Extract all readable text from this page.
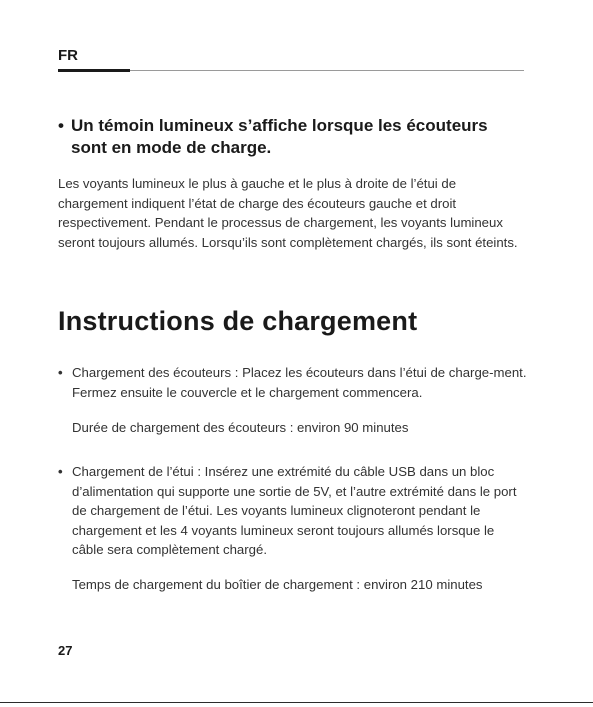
FR
• Un témoin lumineux s’affiche lorsque les écouteurs sont en mode de charge.
Les voyants lumineux le plus à gauche et le plus à droite de l’étui de chargement indiquent l’état de charge des écouteurs gauche et droit respectivement. Pendant le processus de chargement, les voyants lumineux seront toujours allumés. Lorsqu’ils sont complètement chargés, ils sont éteints.
Instructions de chargement
• Chargement des écouteurs : Placez les écouteurs dans l’étui de charge-ment. Fermez ensuite le couvercle et le chargement commencera.
Durée de chargement des écouteurs : environ 90 minutes
• Chargement de l’étui : Insérez une extrémité du câble USB dans un bloc d’alimentation qui supporte une sortie de 5V, et l’autre extrémité dans le port de chargement de l’étui. Les voyants lumineux clignoteront pendant le chargement et les 4 voyants lumineux seront toujours allumés lorsque le câble sera complètement chargé.
Temps de chargement du boîtier de chargement : environ 210 minutes
27
